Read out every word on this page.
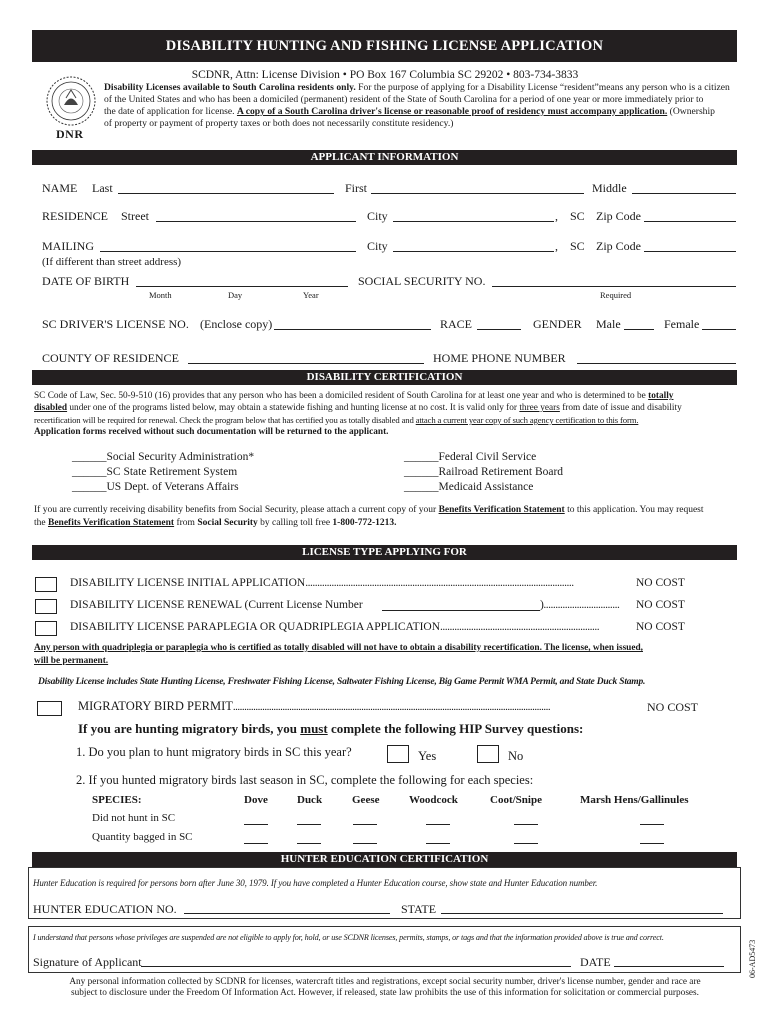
DISABILITY HUNTING AND FISHING LICENSE APPLICATION
SCDNR, Attn: License Division • PO Box 167 Columbia SC 29202 • 803-734-3833
DNR
Disability Licenses available to South Carolina residents only. For the purpose of applying for a Disability License “resident”means any person who is a citizen
of the United States and who has been a domiciled (permanent) resident of the State of South Carolina for a period of one year or more immediately prior to
the date of application for license. A copy of a South Carolina driver's license or reasonable proof of residency must accompany application. (Ownership
of property or payment of property taxes or both does not necessarily constitute residency.)
APPLICANT INFORMATION
NAME Last	First	Middle
RESIDENCE Street	City	, SC Zip Code
MAILING	City	, SC Zip Code
(If different than street address)
DATE OF BIRTH
Month	Day	Year
SOCIAL SECURITY NO.
Required
SC DRIVER'S LICENSE NO. (Enclose copy)	RACE	GENDER Male	Female
COUNTY OF RESIDENCE	HOME PHONE NUMBER
DISABILITY CERTIFICATION
SC Code of Law, Sec. 50-9-510 (16) provides that any person who has been a domiciled resident of South Carolina for at least one year and who is determined to be totally
disabled under one of the programs listed below, may obtain a statewide fishing and hunting license at no cost. It is valid only for three years from date of issue and disability
recertification will be required for renewal. Check the program below that has certified you as totally disabled and attach a current year copy of such agency certification to this form.
Application forms received without such documentation will be returned to the applicant.
______Social Security Administration*
______SC State Retirement System
______US Dept. of Veterans Affairs
______Federal Civil Service
______Railroad Retirement Board
______Medicaid Assistance
If you are currently receiving disability benefits from Social Security, please attach a current copy of your Benefits Verification Statement to this application. You may request
the Benefits Verification Statement from Social Security by calling toll free 1-800-772-1213.
LICENSE TYPE APPLYING FOR
DISABILITY LICENSE INITIAL APPLICATION.................................................................................................................	NO COST
DISABILITY LICENSE RENEWAL (Current License Number	)................................ NO COST
DISABILITY LICENSE PARAPLEGIA OR QUADRIPLEGIA APPLICATION...................................................................	NO COST
Any person with quadriplegia or paraplegia who is certified as totally disabled will not have to obtain a disability recertification. The license, when issued,
will be permanent.
Disability License includes State Hunting License, Freshwater Fishing License, Saltwater Fishing License, Big Game Permit WMA Permit, and State Duck Stamp.
MIGRATORY BIRD PERMIT.............................................................................................................................................	NO COST
If you are hunting migratory birds, you must complete the following HIP Survey questions:
1. Do you plan to hunt migratory birds in SC this year?	Yes	No
2. If you hunted migratory birds last season in SC, complete the following for each species:
SPECIES:	Dove	Duck	Geese	Woodcock	Coot/Snipe	Marsh Hens/Gallinules
Did not hunt in SC
Quantity bagged in SC
HUNTER EDUCATION CERTIFICATION
Hunter Education is required for persons born after June 30, 1979. If you have completed a Hunter Education course, show state and Hunter Education number.
HUNTER EDUCATION NO.	STATE
I understand that persons whose privileges are suspended are not eligible to apply for, hold, or use SCDNR licenses, permits, stamps, or tags and that the information provided above is true and correct.
Signature of Applicant	DATE	06-AD5473
Any personal information collected by SCDNR for licenses, watercraft titles and registrations, except social security number, driver's license number, gender and race are
subject to disclosure under the Freedom Of Information Act. However, if released, state law prohibits the use of this information for solicitation or commercial purposes.
